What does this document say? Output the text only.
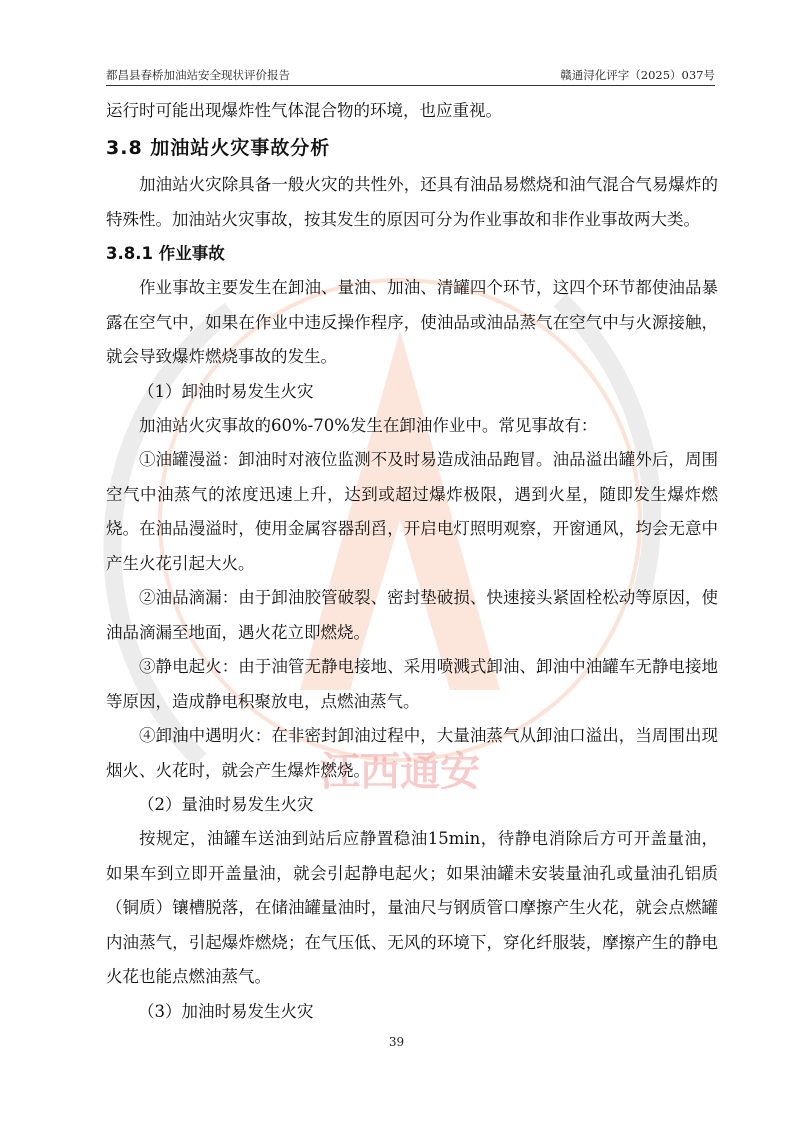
都昌县春桥加油站安全现状评价报告	赣通浔化评字（2025）037号
江西通安
运行时可能出现爆炸性气体混合物的环境，也应重视。
3.8 加油站火灾事故分析

加油站火灾除具备一般火灾的共性外，还具有油品易燃烧和油气混合气易爆炸的特殊性。加油站火灾事故，按其发生的原因可分为作业事故和非作业事故两大类。

3.8.1 作业事故

作业事故主要发生在卸油、量油、加油、清罐四个环节，这四个环节都使油品暴露在空气中，如果在作业中违反操作程序，使油品或油品蒸气在空气中与火源接触，就会导致爆炸燃烧事故的发生。

（1）卸油时易发生火灾

加油站火灾事故的60%-70%发生在卸油作业中。常见事故有：

①油罐漫溢：卸油时对液位监测不及时易造成油品跑冒。油品溢出罐外后，周围空气中油蒸气的浓度迅速上升，达到或超过爆炸极限，遇到火星，随即发生爆炸燃烧。在油品漫溢时，使用金属容器刮舀，开启电灯照明观察，开窗通风，均会无意中产生火花引起大火。

②油品滴漏：由于卸油胶管破裂、密封垫破损、快速接头紧固栓松动等原因，使油品滴漏至地面，遇火花立即燃烧。

③静电起火：由于油管无静电接地、采用喷溅式卸油、卸油中油罐车无静电接地等原因，造成静电积聚放电，点燃油蒸气。

④卸油中遇明火：在非密封卸油过程中，大量油蒸气从卸油口溢出，当周围出现烟火、火花时，就会产生爆炸燃烧。

（2）量油时易发生火灾

按规定，油罐车送油到站后应静置稳油15min，待静电消除后方可开盖量油，如果车到立即开盖量油，就会引起静电起火；如果油罐未安装量油孔或量油孔铝质（铜质）镶槽脱落，在储油罐量油时，量油尺与钢质管口摩擦产生火花，就会点燃罐内油蒸气，引起爆炸燃烧；在气压低、无风的环境下，穿化纤服装，摩擦产生的静电火花也能点燃油蒸气。

（3）加油时易发生火灾

39
